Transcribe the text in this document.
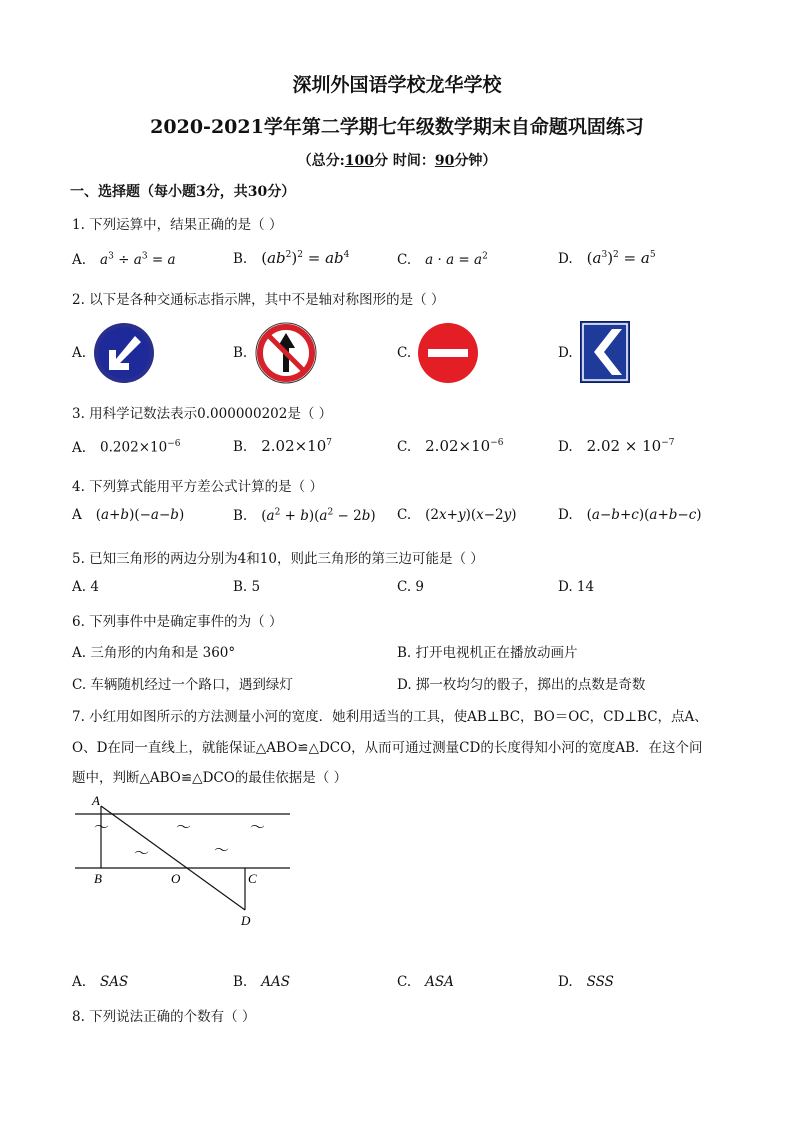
深圳外国语学校龙华学校
2020-2021学年第二学期七年级数学期末自命题巩固练习
（总分:100分 时间：90分钟）
一、选择题（每小题3分，共30分）
1. 下列运算中，结果正确的是（ ）
A. $a^3 \div a^3 = a$	B. $(ab^2)^2 = ab^4$	C. $a \cdot a = a^2$	D. $(a^3)^2 = a^5$
2. 以下是各种交通标志指示牌，其中不是轴对称图形的是（ ）
A.	B.	C.	D.
3. 用科学记数法表示0.000000202是（ ）
A. $0.202\times 10^{-6}$	B. $2.02\times 10^7$	C. $2.02\times 10^{-6}$	D. $2.02 \times 10^{-7}$
4. 下列算式能用平方差公式计算的是（ ）
A (a+b)(−a−b)	B. $(a^2 + b)(a^2 - 2b)$ C. (2x+y)(x−2y)	D. (a−b+c)(a+b−c)
5. 已知三角形的两边分别为4和10，则此三角形的第三边可能是（ ）
A. 4	B. 5	C. 9	D. 14
6. 下列事件中是确定事件的为（ ）
A. 三角形的内角和是 360°	B. 打开电视机正在播放动画片
C. 车辆随机经过一个路口，遇到绿灯	D. 掷一枚均匀的骰子，掷出的点数是奇数
7. 小红用如图所示的方法测量小河的宽度．她利用适当的工具，使AB⊥BC，BO＝OC，CD⊥BC，点A、
O、D在同一直线上，就能保证△ABO≌△DCO，从而可通过测量CD的长度得知小河的宽度AB．在这个问
题中，判断△ABO≌△DCO的最佳依据是（ ）
A
B	O	C
D
～	～	～
～	～
A. SAS	B. AAS	C. ASA	D. SSS
8. 下列说法正确的个数有（ ）
